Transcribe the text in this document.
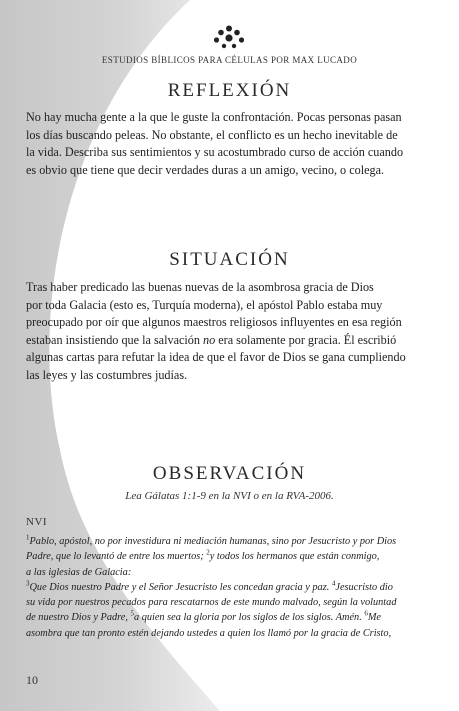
ESTUDIOS BÍBLICOS PARA CÉLULAS POR MAX LUCADO
REFLEXIÓN
No hay mucha gente a la que le guste la confrontación. Pocas personas pasan
los días buscando peleas. No obstante, el conflicto es un hecho inevitable de
la vida. Describa sus sentimientos y su acostumbrado curso de acción cuando
es obvio que tiene que decir verdades duras a un amigo, vecino, o colega.
SITUACIÓN
Tras haber predicado las buenas nuevas de la asombrosa gracia de Dios
por toda Galacia (esto es, Turquía moderna), el apóstol Pablo estaba muy
preocupado por oír que algunos maestros religiosos influyentes en esa región
estaban insistiendo que la salvación no era solamente por gracia. Él escribió
algunas cartas para refutar la idea de que el favor de Dios se gana cumpliendo
las leyes y las costumbres judías.
OBSERVACIÓN
Lea Gálatas 1:1-9 en la NVI o en la RVA-2006.
NVI
$^1$Pablo, apóstol, no por investidura ni mediación humanas, sino por Jesucristo y por Dios
Padre, que lo levantó de entre los muertos; $^2$y todos los hermanos que están conmigo,
a las iglesias de Galacia:
$^3$Que Dios nuestro Padre y el Señor Jesucristo les concedan gracia y paz. $^4$Jesucristo dio
su vida por nuestros pecados para rescatarnos de este mundo malvado, según la voluntad
de nuestro Dios y Padre, $^5$a quien sea la gloria por los siglos de los siglos. Amén. $^6$Me
asombra que tan pronto estén dejando ustedes a quien los llamó por la gracia de Cristo,
10
